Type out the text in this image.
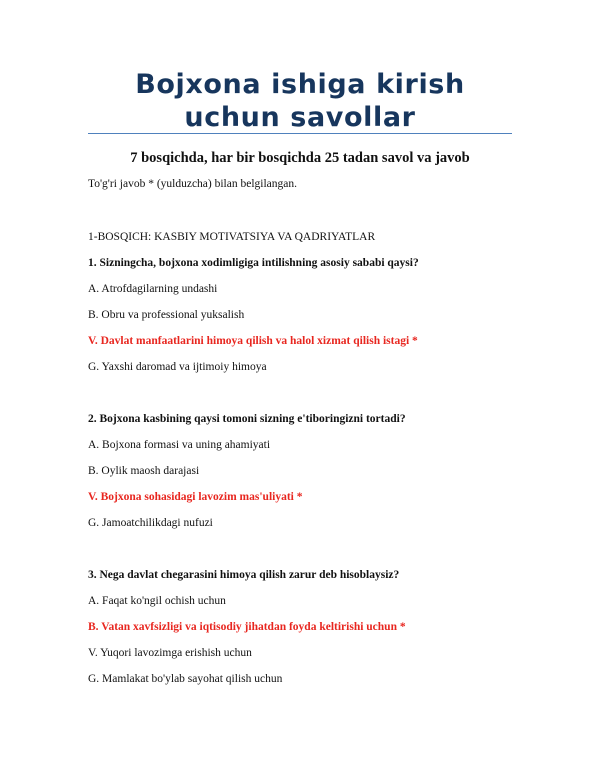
Bojxona ishiga kirish uchun savollar
7 bosqichda, har bir bosqichda 25 tadan savol va javob
To'g'ri javob * (yulduzcha) bilan belgilangan.
1-BOSQICH: KASBIY MOTIVATSIYA VA QADRIYATLAR
1. Sizningcha, bojxona xodimligiga intilishning asosiy sababi qaysi?
A. Atrofdagilarning undashi
B. Obru va professional yuksalish
V. Davlat manfaatlarini himoya qilish va halol xizmat qilish istagi *
G. Yaxshi daromad va ijtimoiy himoya
2. Bojxona kasbining qaysi tomoni sizning e'tiboringizni tortadi?
A. Bojxona formasi va uning ahamiyati
B. Oylik maosh darajasi
V. Bojxona sohasidagi lavozim mas'uliyati *
G. Jamoatchilikdagi nufuzi
3. Nega davlat chegarasini himoya qilish zarur deb hisoblaysiz?
A. Faqat ko'ngil ochish uchun
B. Vatan xavfsizligi va iqtisodiy jihatdan foyda keltirishi uchun *
V. Yuqori lavozimga erishish uchun
G. Mamlakat bo'ylab sayohat qilish uchun
